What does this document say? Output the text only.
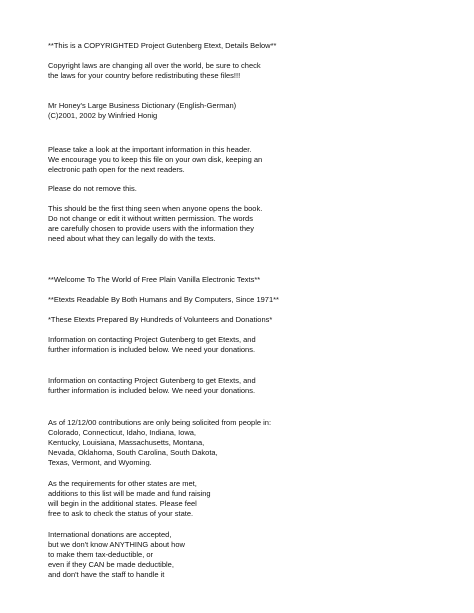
**This is a COPYRIGHTED Project Gutenberg Etext, Details Below**
Copyright laws are changing all over the world, be sure to check
the laws for your country before redistributing these files!!!
Mr Honey's Large Business Dictionary (English-German)
(C)2001, 2002 by Winfried Honig
Please take a look at the important information in this header.
We encourage you to keep this file on your own disk, keeping an
electronic path open for the next readers.
Please do not remove this.
This should be the first thing seen when anyone opens the book.
Do not change or edit it without written permission. The words
are carefully chosen to provide users with the information they
need about what they can legally do with the texts.
**Welcome To The World of Free Plain Vanilla Electronic Texts**
**Etexts Readable By Both Humans and By Computers, Since 1971**
*These Etexts Prepared By Hundreds of Volunteers and Donations*
Information on contacting Project Gutenberg to get Etexts, and
further information is included below. We need your donations.
Information on contacting Project Gutenberg to get Etexts, and
further information is included below. We need your donations.
As of 12/12/00 contributions are only being solicited from people in:
Colorado, Connecticut, Idaho, Indiana, Iowa,
Kentucky, Louisiana, Massachusetts, Montana,
Nevada, Oklahoma, South Carolina, South Dakota,
Texas, Vermont, and Wyoming.
As the requirements for other states are met,
additions to this list will be made and fund raising
will begin in the additional states. Please feel
free to ask to check the status of your state.
International donations are accepted,
but we don't know ANYTHING about how
to make them tax-deductible, or
even if they CAN be made deductible,
and don't have the staff to handle it
